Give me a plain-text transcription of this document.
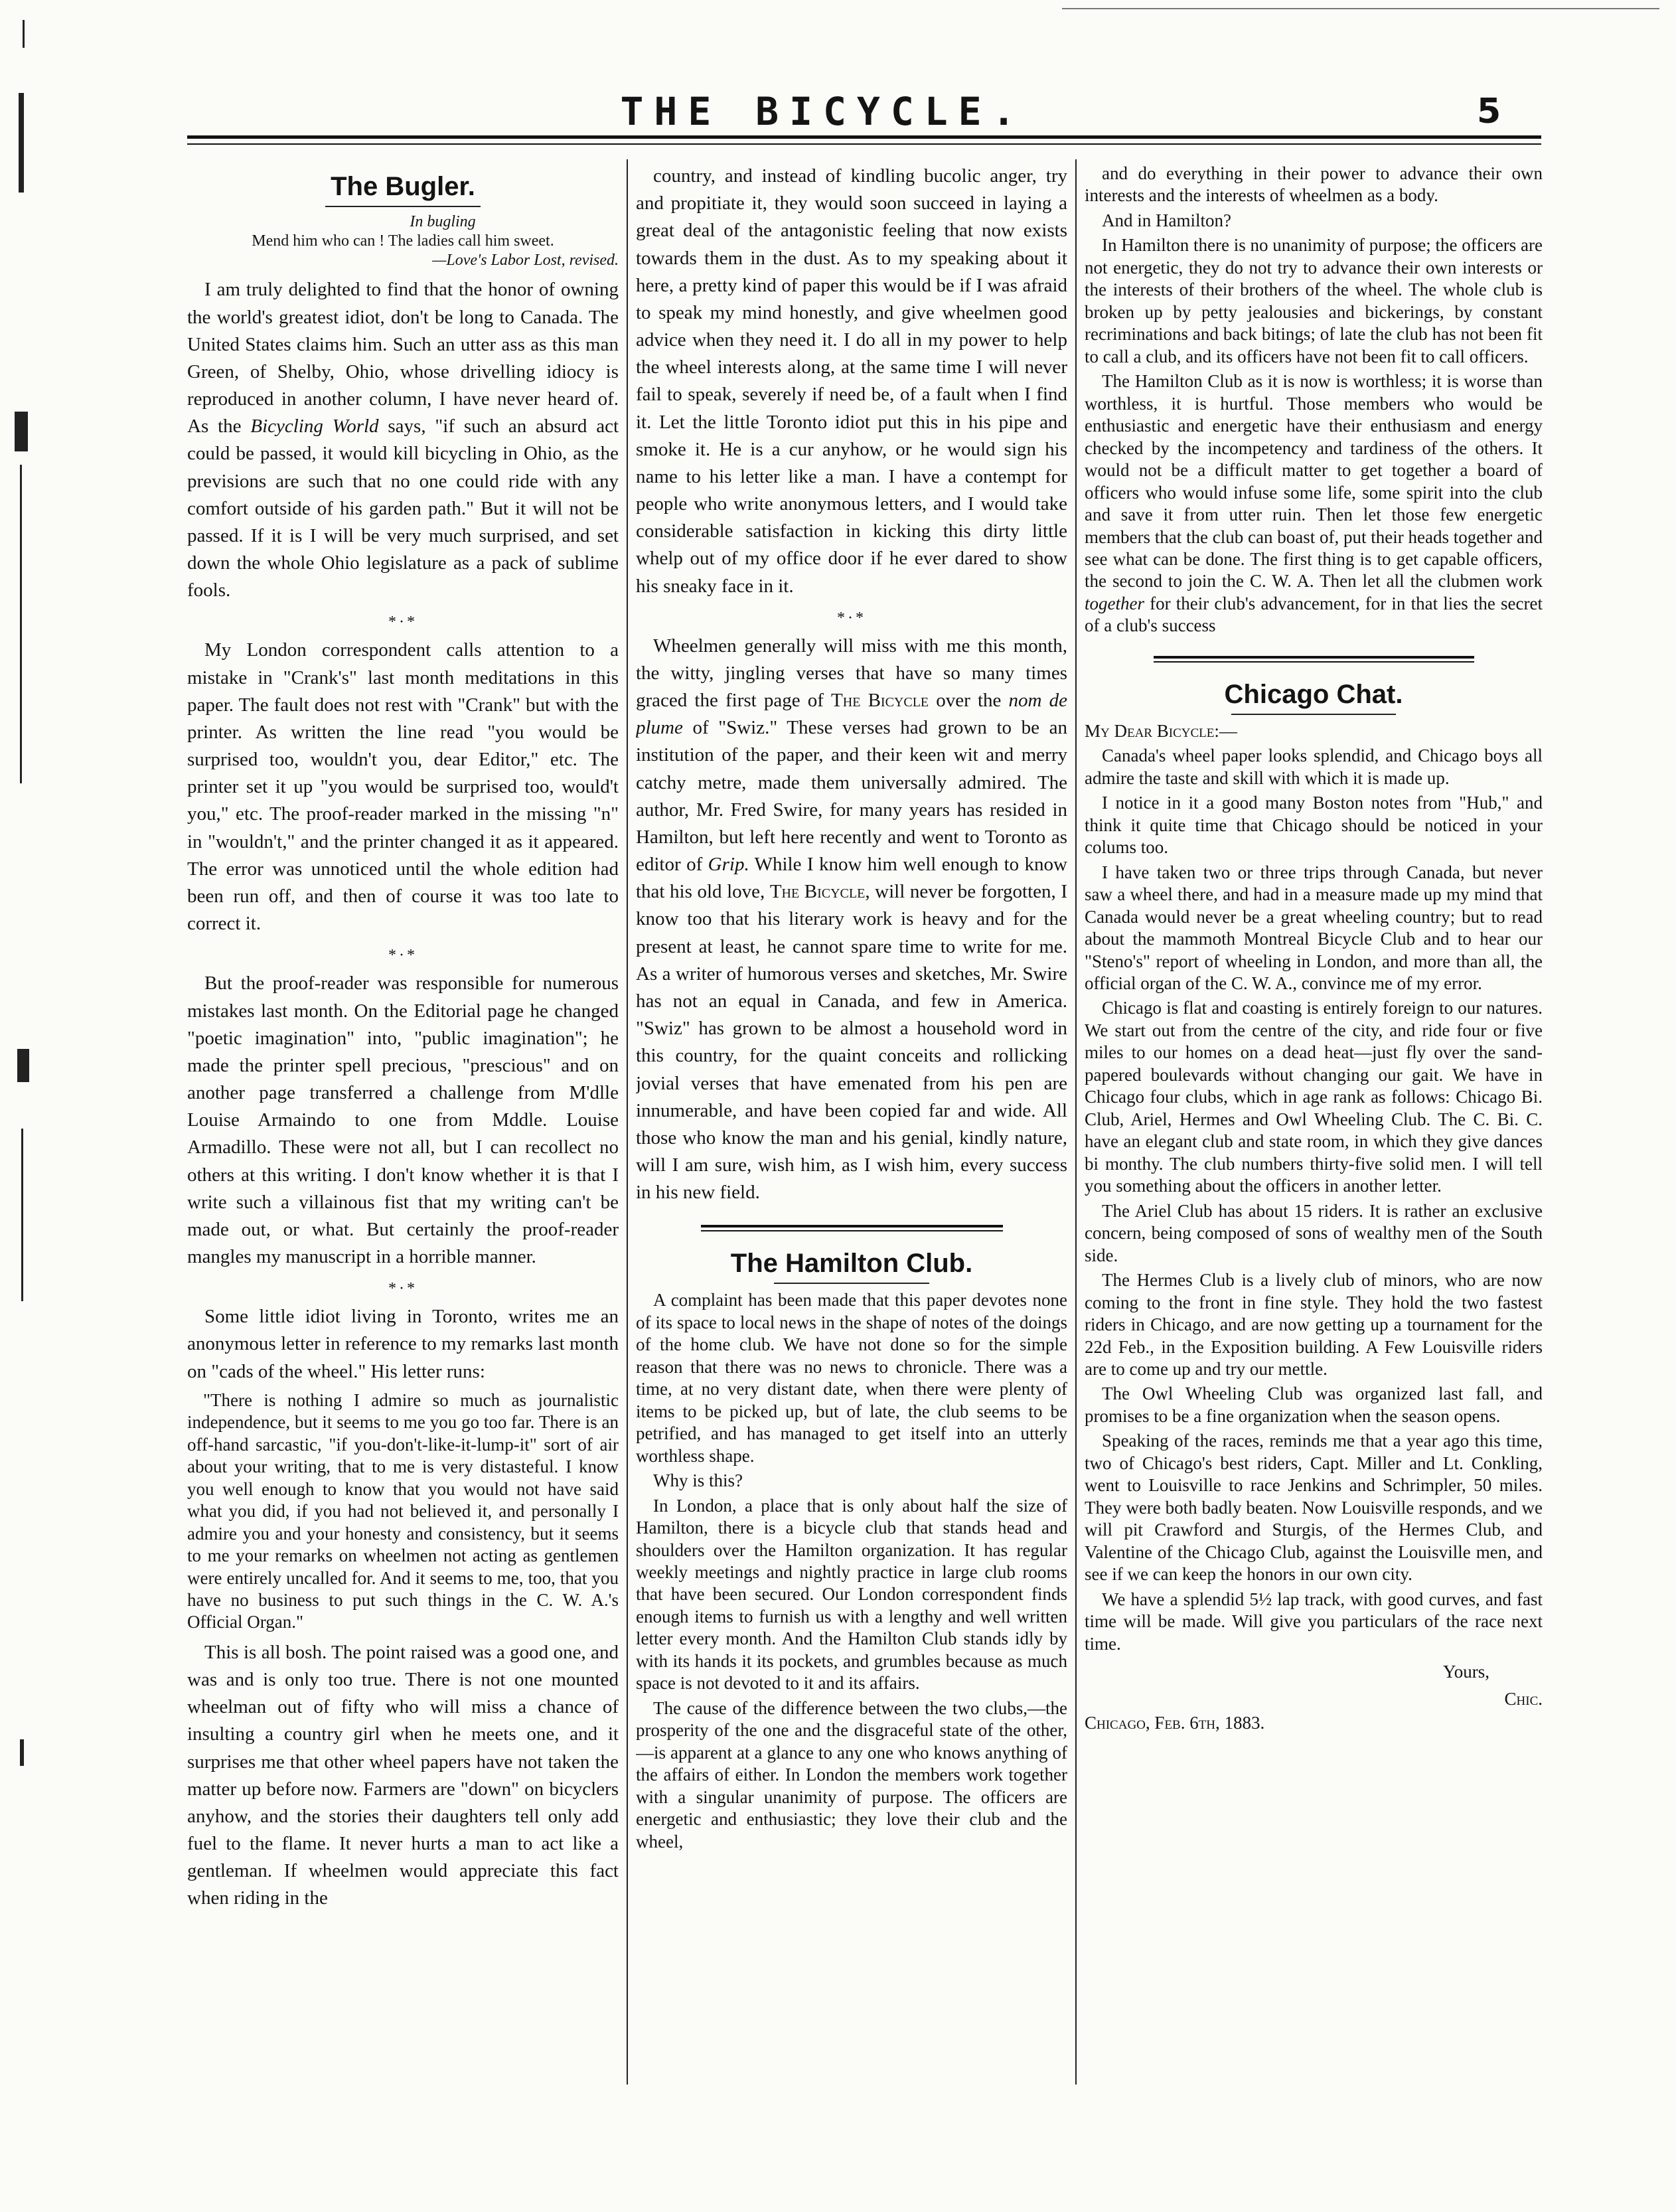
THE BICYCLE.	5
The Bugler.
In bugling
Mend him who can ! The ladies call him sweet.
—Love's Labor Lost, revised.

I am truly delighted to find that the honor of owning the world's greatest idiot, don't be long to Canada. The United States claims him. Such an utter ass as this man Green, of Shelby, Ohio, whose drivelling idiocy is reproduced in another column, I have never heard of. As the Bicycling World says, "if such an absurd act could be passed, it would kill bicycling in Ohio, as the previsions are such that no one could ride with any comfort outside of his garden path." But it will not be passed. If it is I will be very much surprised, and set down the whole Ohio legislature as a pack of sublime fools.

*·*

My London correspondent calls attention to a mistake in "Crank's" last month meditations in this paper. The fault does not rest with "Crank" but with the printer. As written the line read "you would be surprised too, wouldn't you, dear Editor," etc. The printer set it up "you would be surprised too, would't you," etc. The proof-reader marked in the missing "n" in "wouldn't," and the printer changed it as it appeared. The error was unnoticed until the whole edition had been run off, and then of course it was too late to correct it.

*·*

But the proof-reader was responsible for numerous mistakes last month. On the Editorial page he changed "poetic imagination" into, "public imagination"; he made the printer spell precious, "prescious" and on another page transferred a challenge from M'dlle Louise Armaindo to one from Mddle. Louise Armadillo. These were not all, but I can recollect no others at this writing. I don't know whether it is that I write such a villainous fist that my writing can't be made out, or what. But certainly the proof-reader mangles my manuscript in a horrible manner.

*·*

Some little idiot living in Toronto, writes me an anonymous letter in reference to my remarks last month on "cads of the wheel." His letter runs:

"There is nothing I admire so much as journalistic independence, but it seems to me you go too far. There is an off-hand sarcastic, "if you-don't-like-it-lump-it" sort of air about your writing, that to me is very distasteful. I know you well enough to know that you would not have said what you did, if you had not believed it, and personally I admire you and your honesty and consistency, but it seems to me your remarks on wheelmen not acting as gentlemen were entirely uncalled for. And it seems to me, too, that you have no business to put such things in the C. W. A.'s Official Organ."

This is all bosh. The point raised was a good one, and was and is only too true. There is not one mounted wheelman out of fifty who will miss a chance of insulting a country girl when he meets one, and it surprises me that other wheel papers have not taken the matter up before now. Farmers are "down" on bicyclers anyhow, and the stories their daughters tell only add fuel to the flame. It never hurts a man to act like a gentleman. If wheelmen would appreciate this fact when riding in the

country, and instead of kindling bucolic anger, try and propitiate it, they would soon succeed in laying a great deal of the antagonistic feeling that now exists towards them in the dust. As to my speaking about it here, a pretty kind of paper this would be if I was afraid to speak my mind honestly, and give wheelmen good advice when they need it. I do all in my power to help the wheel interests along, at the same time I will never fail to speak, severely if need be, of a fault when I find it. Let the little Toronto idiot put this in his pipe and smoke it. He is a cur anyhow, or he would sign his name to his letter like a man. I have a contempt for people who write anonymous letters, and I would take considerable satisfaction in kicking this dirty little whelp out of my office door if he ever dared to show his sneaky face in it.

*·*

Wheelmen generally will miss with me this month, the witty, jingling verses that have so many times graced the first page of The Bicycle over the nom de plume of "Swiz." These verses had grown to be an institution of the paper, and their keen wit and merry catchy metre, made them universally admired. The author, Mr. Fred Swire, for many years has resided in Hamilton, but left here recently and went to Toronto as editor of Grip. While I know him well enough to know that his old love, The Bicycle, will never be forgotten, I know too that his literary work is heavy and for the present at least, he cannot spare time to write for me. As a writer of humorous verses and sketches, Mr. Swire has not an equal in Canada, and few in America. "Swiz" has grown to be almost a household word in this country, for the quaint conceits and rollicking jovial verses that have emenated from his pen are innumerable, and have been copied far and wide. All those who know the man and his genial, kindly nature, will I am sure, wish him, as I wish him, every success in his new field.

The Hamilton Club.

A complaint has been made that this paper devotes none of its space to local news in the shape of notes of the doings of the home club. We have not done so for the simple reason that there was no news to chronicle. There was a time, at no very distant date, when there were plenty of items to be picked up, but of late, the club seems to be petrified, and has managed to get itself into an utterly worthless shape.

Why is this?

In London, a place that is only about half the size of Hamilton, there is a bicycle club that stands head and shoulders over the Hamilton organization. It has regular weekly meetings and nightly practice in large club rooms that have been secured. Our London correspondent finds enough items to furnish us with a lengthy and well written letter every month. And the Hamilton Club stands idly by with its hands it its pockets, and grumbles because as much space is not devoted to it and its affairs.

The cause of the difference between the two clubs,—the prosperity of the one and the disgraceful state of the other,—is apparent at a glance to any one who knows anything of the affairs of either. In London the members work together with a singular unanimity of purpose. The officers are energetic and enthusiastic; they love their club and the wheel,

and do everything in their power to advance their own interests and the interests of wheelmen as a body.

And in Hamilton?

In Hamilton there is no unanimity of purpose; the officers are not energetic, they do not try to advance their own interests or the interests of their brothers of the wheel. The whole club is broken up by petty jealousies and bickerings, by constant recriminations and back bitings; of late the club has not been fit to call a club, and its officers have not been fit to call officers.

The Hamilton Club as it is now is worthless; it is worse than worthless, it is hurtful. Those members who would be enthusiastic and energetic have their enthusiasm and energy checked by the incompetency and tardiness of the others. It would not be a difficult matter to get together a board of officers who would infuse some life, some spirit into the club and save it from utter ruin. Then let those few energetic members that the club can boast of, put their heads together and see what can be done. The first thing is to get capable officers, the second to join the C. W. A. Then let all the clubmen work together for their club's advancement, for in that lies the secret of a club's success

Chicago Chat.
My Dear Bicycle:—

Canada's wheel paper looks splendid, and Chicago boys all admire the taste and skill with which it is made up.

I notice in it a good many Boston notes from "Hub," and think it quite time that Chicago should be noticed in your colums too.

I have taken two or three trips through Canada, but never saw a wheel there, and had in a measure made up my mind that Canada would never be a great wheeling country; but to read about the mammoth Montreal Bicycle Club and to hear our "Steno's" report of wheeling in London, and more than all, the official organ of the C. W. A., convince me of my error.

Chicago is flat and coasting is entirely foreign to our natures. We start out from the centre of the city, and ride four or five miles to our homes on a dead heat—just fly over the sand-papered boulevards without changing our gait. We have in Chicago four clubs, which in age rank as follows: Chicago Bi. Club, Ariel, Hermes and Owl Wheeling Club. The C. Bi. C. have an elegant club and state room, in which they give dances bi monthy. The club numbers thirty-five solid men. I will tell you something about the officers in another letter.

The Ariel Club has about 15 riders. It is rather an exclusive concern, being composed of sons of wealthy men of the South side.

The Hermes Club is a lively club of minors, who are now coming to the front in fine style. They hold the two fastest riders in Chicago, and are now getting up a tournament for the 22d Feb., in the Exposition building. A Few Louisville riders are to come up and try our mettle.

The Owl Wheeling Club was organized last fall, and promises to be a fine organization when the season opens.

Speaking of the races, reminds me that a year ago this time, two of Chicago's best riders, Capt. Miller and Lt. Conkling, went to Louisville to race Jenkins and Schrimpler, 50 miles. They were both badly beaten. Now Louisville responds, and we will pit Crawford and Sturgis, of the Hermes Club, and Valentine of the Chicago Club, against the Louisville men, and see if we can keep the honors in our own city.

We have a splendid 5½ lap track, with good curves, and fast time will be made. Will give you particulars of the race next time.

Yours,
Chic.
Chicago, Feb. 6th, 1883.
